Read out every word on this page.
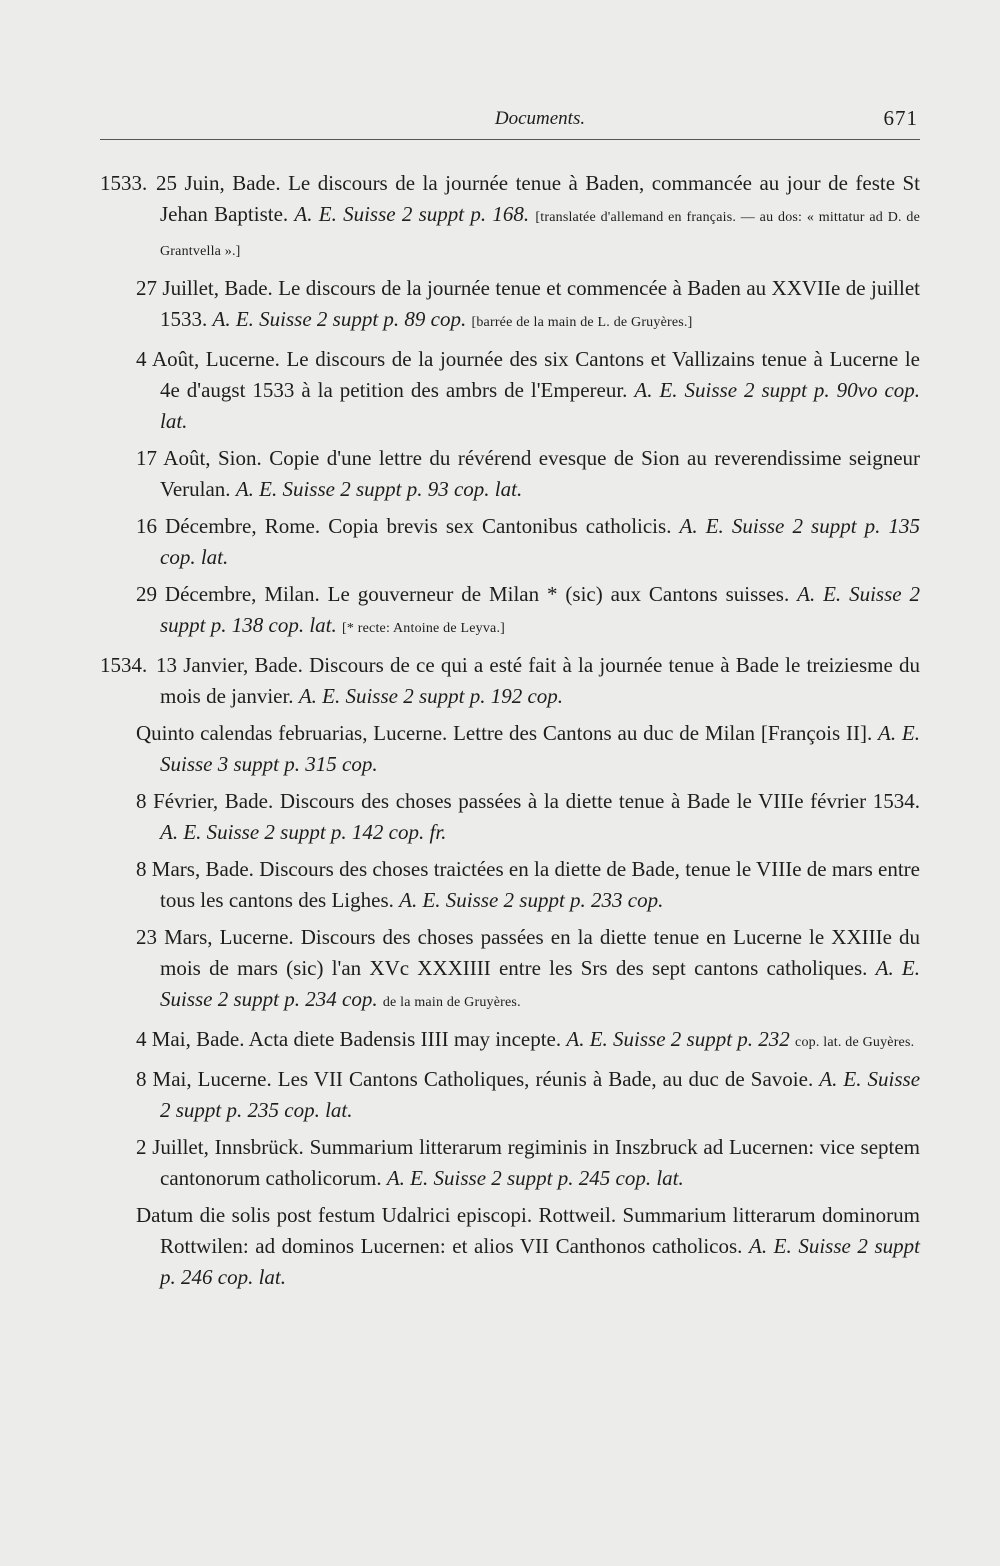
Documents.	671

1533. 25 Juin, Bade. Le discours de la journée tenue à Baden, commancée au jour de feste St Jehan Baptiste. A. E. Suisse 2 suppt p. 168. [translatée d'allemand en français. — au dos: « mittatur ad D. de Grantvella ».]

27 Juillet, Bade. Le discours de la journée tenue et commencée à Baden au XXVIIe de juillet 1533. A. E. Suisse 2 suppt p. 89 cop. [barrée de la main de L. de Gruyères.]

4 Août, Lucerne. Le discours de la journée des six Cantons et Vallizains tenue à Lucerne le 4e d'augst 1533 à la petition des ambrs de l'Empereur. A. E. Suisse 2 suppt p. 90vo cop. lat.

17 Août, Sion. Copie d'une lettre du révérend evesque de Sion au reverendissime seigneur Verulan. A. E. Suisse 2 suppt p. 93 cop. lat.

16 Décembre, Rome. Copia brevis sex Cantonibus catholicis. A. E. Suisse 2 suppt p. 135 cop. lat.

29 Décembre, Milan. Le gouverneur de Milan * (sic) aux Cantons suisses. A. E. Suisse 2 suppt p. 138 cop. lat. [* recte: Antoine de Leyva.]

1534. 13 Janvier, Bade. Discours de ce qui a esté fait à la journée tenue à Bade le treiziesme du mois de janvier. A. E. Suisse 2 suppt p. 192 cop.

Quinto calendas februarias, Lucerne. Lettre des Cantons au duc de Milan [François II]. A. E. Suisse 3 suppt p. 315 cop.

8 Février, Bade. Discours des choses passées à la diette tenue à Bade le VIIIe février 1534. A. E. Suisse 2 suppt p. 142 cop. fr.

8 Mars, Bade. Discours des choses traictées en la diette de Bade, tenue le VIIIe de mars entre tous les cantons des Lighes. A. E. Suisse 2 suppt p. 233 cop.

23 Mars, Lucerne. Discours des choses passées en la diette tenue en Lucerne le XXIIIe du mois de mars (sic) l'an XVc XXXIIII entre les Srs des sept cantons catholiques. A. E. Suisse 2 suppt p. 234 cop. de la main de Gruyères.

4 Mai, Bade. Acta diete Badensis IIII may incepte. A. E. Suisse 2 suppt p. 232 cop. lat. de Guyères.

8 Mai, Lucerne. Les VII Cantons Catholiques, réunis à Bade, au duc de Savoie. A. E. Suisse 2 suppt p. 235 cop. lat.

2 Juillet, Innsbrück. Summarium litterarum regiminis in Inszbruck ad Lucernen: vice septem cantonorum catholicorum. A. E. Suisse 2 suppt p. 245 cop. lat.

Datum die solis post festum Udalrici episcopi. Rottweil. Summarium litterarum dominorum Rottwilen: ad dominos Lucernen: et alios VII Canthonos catholicos. A. E. Suisse 2 suppt p. 246 cop. lat.
